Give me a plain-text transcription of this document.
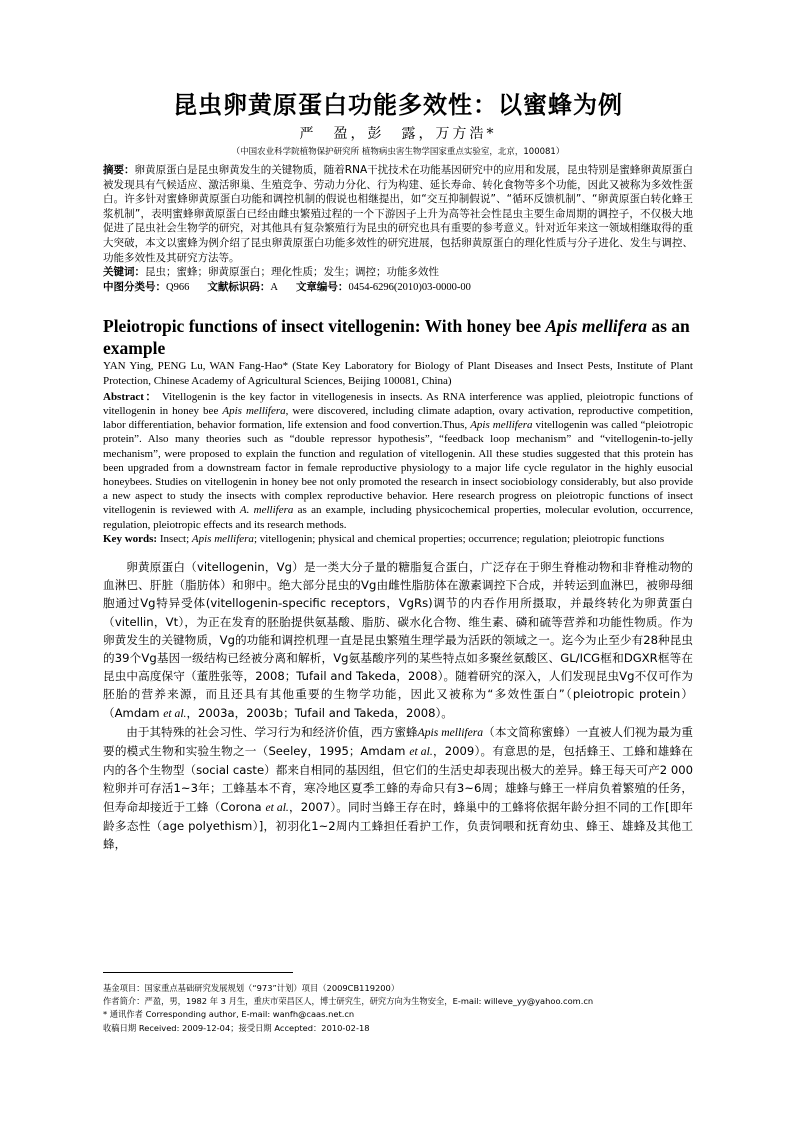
昆虫卵黄原蛋白功能多效性：以蜜蜂为例

严　盈，彭　露，万方浩*

（中国农业科学院植物保护研究所 植物病虫害生物学国家重点实验室，北京，100081）

摘要：卵黄原蛋白是昆虫卵黄发生的关键物质，随着RNA干扰技术在功能基因研究中的应用和发展，昆虫特别是蜜蜂卵黄原蛋白被发现具有气候适应、激活卵巢、生殖竞争、劳动力分化、行为构建、延长寿命、转化食物等多个功能，因此又被称为多效性蛋白。许多针对蜜蜂卵黄原蛋白功能和调控机制的假说也相继提出，如“交互抑制假说”、“循环反馈机制”、“卵黄原蛋白转化蜂王浆机制”，表明蜜蜂卵黄原蛋白已经由雌虫繁殖过程的一个下游因子上升为高等社会性昆虫主要生命周期的调控子，不仅极大地促进了昆虫社会生物学的研究，对其他具有复杂繁殖行为昆虫的研究也具有重要的参考意义。针对近年来这一领域相继取得的重大突破，本文以蜜蜂为例介绍了昆虫卵黄原蛋白功能多效性的研究进展，包括卵黄原蛋白的理化性质与分子进化、发生与调控、功能多效性及其研究方法等。

关键词：昆虫；蜜蜂；卵黄原蛋白；理化性质；发生；调控；功能多效性

中图分类号：Q966 文献标识码：A 文章编号：0454-6296(2010)03-0000-00

Pleiotropic functions of insect vitellogenin: With honey bee Apis mellifera as an example

YAN Ying, PENG Lu, WAN Fang-Hao* (State Key Laboratory for Biology of Plant Diseases and Insect Pests, Institute of Plant Protection, Chinese Academy of Agricultural Sciences, Beijing 100081, China)

Abstract： Vitellogenin is the key factor in vitellogenesis in insects. As RNA interference was applied, pleiotropic functions of vitellogenin in honey bee Apis mellifera, were discovered, including climate adaption, ovary activation, reproductive competition, labor differentiation, behavior formation, life extension and food convertion.Thus, Apis mellifera vitellogenin was called “pleiotropic protein”. Also many theories such as “double repressor hypothesis”, “feedback loop mechanism” and “vitellogenin-to-jelly mechanism”, were proposed to explain the function and regulation of vitellogenin. All these studies suggested that this protein has been upgraded from a downstream factor in female reproductive physiology to a major life cycle regulator in the highly eusocial honeybees. Studies on vitellogenin in honey bee not only promoted the research in insect sociobiology considerably, but also provide a new aspect to study the insects with complex reproductive behavior. Here research progress on pleiotropic functions of insect vitellogenin is reviewed with A. mellifera as an example, including physicochemical properties, molecular evolution, occurrence, regulation, pleiotropic effects and its research methods.

Key words: Insect; Apis mellifera; vitellogenin; physical and chemical properties; occurrence; regulation; pleiotropic functions

卵黄原蛋白（vitellogenin，Vg）是一类大分子量的糖脂复合蛋白，广泛存在于卵生脊椎动物和非脊椎动物的血淋巴、肝脏（脂肪体）和卵中。绝大部分昆虫的Vg由雌性脂肪体在激素调控下合成，并转运到血淋巴，被卵母细胞通过Vg特异受体(vitellogenin-specific receptors，VgRs)调节的内吞作用所摄取，并最终转化为卵黄蛋白（vitellin，Vt），为正在发育的胚胎提供氨基酸、脂肪、碳水化合物、维生素、磷和硫等营养和功能性物质。作为卵黄发生的关键物质，Vg的功能和调控机理一直是昆虫繁殖生理学最为活跃的领域之一。迄今为止至少有28种昆虫的39个Vg基因一级结构已经被分离和解析，Vg氨基酸序列的某些特点如多聚丝氨酸区、GL/ICG框和DGXR框等在昆虫中高度保守（董胜张等，2008；Tufail and Takeda，2008）。随着研究的深入，人们发现昆虫Vg不仅可作为胚胎的营养来源，而且还具有其他重要的生物学功能，因此又被称为“多效性蛋白”（pleiotropic protein）（Amdam et al.，2003a，2003b；Tufail and Takeda，2008）。

由于其特殊的社会习性、学习行为和经济价值，西方蜜蜂Apis mellifera（本文简称蜜蜂）一直被人们视为最为重要的模式生物和实验生物之一（Seeley，1995；Amdam et al.，2009）。有意思的是，包括蜂王、工蜂和雄蜂在内的各个生物型（social caste）都来自相同的基因组，但它们的生活史却表现出极大的差异。蜂王每天可产2 000粒卵并可存活1~3年；工蜂基本不育，寒冷地区夏季工蜂的寿命只有3~6周；雄蜂与蜂王一样肩负着繁殖的任务，但寿命却接近于工蜂（Corona et al.，2007）。同时当蜂王存在时，蜂巢中的工蜂将依据年龄分担不同的工作[即年龄多态性（age polyethism）]，初羽化1~2周内工蜂担任看护工作，负责饲喂和抚育幼虫、蜂王、雄蜂及其他工蜂，

基金项目：国家重点基础研究发展规划（“973”计划）项目（2009CB119200）

作者简介：严盈，男，1982 年 3 月生，重庆市荣昌区人，博士研究生，研究方向为生物安全，E-mail: willeve_yy@yahoo.com.cn

* 通讯作者 Corresponding author, E-mail: wanfh@caas.net.cn

收稿日期 Received: 2009-12-04；接受日期 Accepted：2010-02-18
